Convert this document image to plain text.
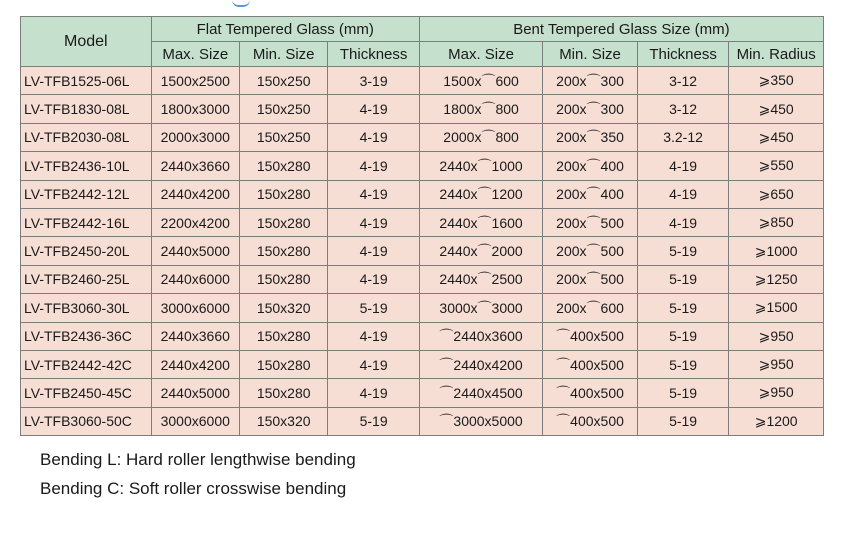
Model	Flat Tempered Glass (mm)			Bent Tempered Glass Size (mm)			
	Max. Size	Min. Size	Thickness	Max. Size	Min. Size	Thickness	Min. Radius
LV-TFB1525-06L	1500x2500	150x250	3-19	1500x⌒600	200x⌒300	3-12	⩾350
LV-TFB1830-08L	1800x3000	150x250	4-19	1800x⌒800	200x⌒300	3-12	⩾450
LV-TFB2030-08L	2000x3000	150x250	4-19	2000x⌒800	200x⌒350	3.2-12	⩾450
LV-TFB2436-10L	2440x3660	150x280	4-19	2440x⌒1000	200x⌒400	4-19	⩾550
LV-TFB2442-12L	2440x4200	150x280	4-19	2440x⌒1200	200x⌒400	4-19	⩾650
LV-TFB2442-16L	2200x4200	150x280	4-19	2440x⌒1600	200x⌒500	4-19	⩾850
LV-TFB2450-20L	2440x5000	150x280	4-19	2440x⌒2000	200x⌒500	5-19	⩾1000
LV-TFB2460-25L	2440x6000	150x280	4-19	2440x⌒2500	200x⌒500	5-19	⩾1250
LV-TFB3060-30L	3000x6000	150x320	5-19	3000x⌒3000	200x⌒600	5-19	⩾1500
LV-TFB2436-36C	2440x3660	150x280	4-19	⌒2440x3600	⌒400x500	5-19	⩾950
LV-TFB2442-42C	2440x4200	150x280	4-19	⌒2440x4200	⌒400x500	5-19	⩾950
LV-TFB2450-45C	2440x5000	150x280	4-19	⌒2440x4500	⌒400x500	5-19	⩾950
LV-TFB3060-50C	3000x6000	150x320	5-19	⌒3000x5000	⌒400x500	5-19	⩾1200
Bending L: Hard roller lengthwise bending
Bending C: Soft roller crosswise bending
